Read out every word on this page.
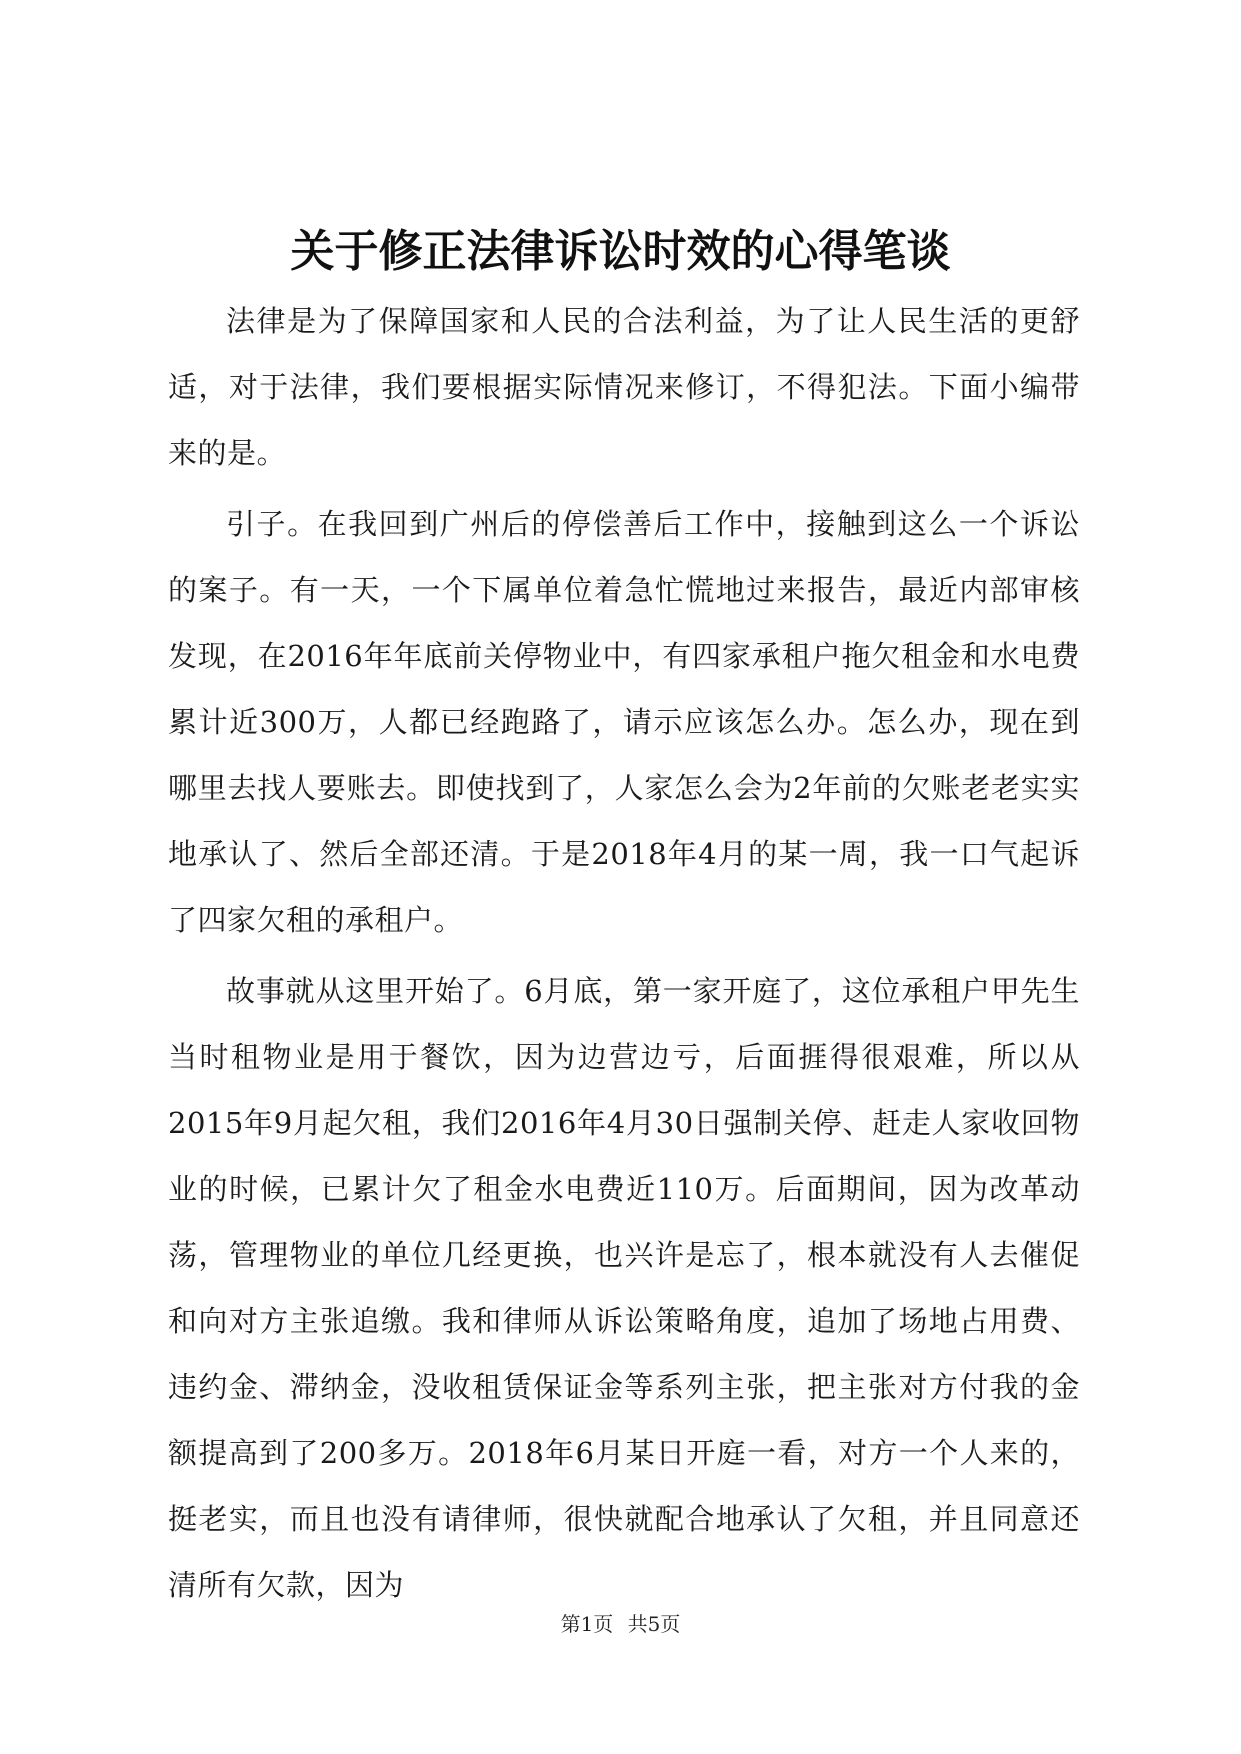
关于修正法律诉讼时效的心得笔谈

法律是为了保障国家和人民的合法利益，为了让人民生活的更舒适，对于法律，我们要根据实际情况来修订，不得犯法。下面小编带来的是。

引子。在我回到广州后的停偿善后工作中，接触到这么一个诉讼的案子。有一天，一个下属单位着急忙慌地过来报告，最近内部审核发现，在2016年年底前关停物业中，有四家承租户拖欠租金和水电费累计近300万，人都已经跑路了，请示应该怎么办。怎么办，现在到哪里去找人要账去。即使找到了，人家怎么会为2年前的欠账老老实实地承认了、然后全部还清。于是2018年4月的某一周，我一口气起诉了四家欠租的承租户。

故事就从这里开始了。6月底，第一家开庭了，这位承租户甲先生当时租物业是用于餐饮，因为边营边亏，后面捱得很艰难，所以从2015年9月起欠租，我们2016年4月30日强制关停、赶走人家收回物业的时候，已累计欠了租金水电费近110万。后面期间，因为改革动荡，管理物业的单位几经更换，也兴许是忘了，根本就没有人去催促和向对方主张追缴。我和律师从诉讼策略角度，追加了场地占用费、违约金、滞纳金，没收租赁保证金等系列主张，把主张对方付我的金额提高到了200多万。2018年6月某日开庭一看，对方一个人来的，挺老实，而且也没有请律师，很快就配合地承认了欠租，并且同意还清所有欠款，因为

第1页 共5页
